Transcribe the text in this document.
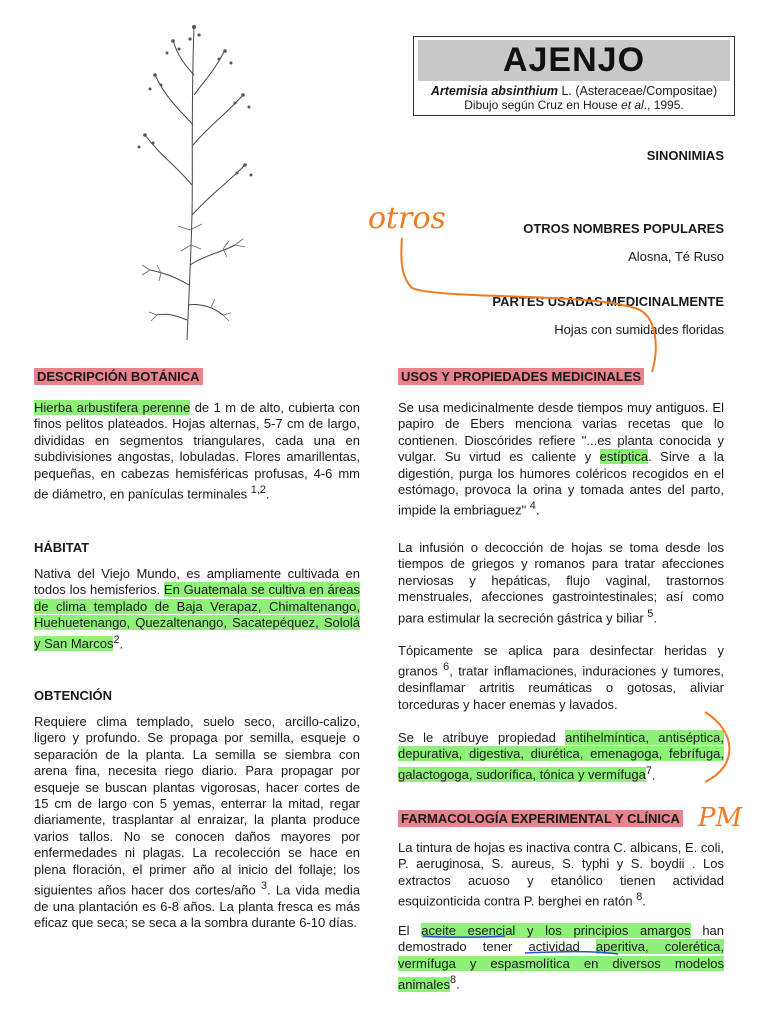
AJENJO
Artemisia absinthium L. (Asteraceae/Compositae)
Dibujo según Cruz en House et al., 1995.
SINONIMIAS
OTROS NOMBRES POPULARES
Alosna, Té Ruso
PARTES USADAS MEDICINALMENTE
Hojas con sumidades floridas
DESCRIPCIÓN BOTÁNICA

Hierba arbustifera perenne de 1 m de alto, cubierta con finos pelitos plateados. Hojas alternas, 5-7 cm de largo, divididas en segmentos triangulares, cada una en subdivisiones angostas, lobuladas. Flores amarillentas, pequeñas, en cabezas hemisféricas profusas, 4-6 mm de diámetro, en panículas terminales $^{1,2}$.

HÁBITAT

Nativa del Viejo Mundo, es ampliamente cultivada en todos los hemisferios. En Guatemala se cultiva en áreas de clima templado de Baja Verapaz, Chimaltenango, Huehuetenango, Quezaltenango, Sacatepéquez, Sololá y San Marcos$^2$.

OBTENCIÓN

Requiere clima templado, suelo seco, arcillo-calizo, ligero y profundo. Se propaga por semilla, esqueje o separación de la planta. La semilla se siembra con arena fina, necesita riego diario. Para propagar por esqueje se buscan plantas vigorosas, hacer cortes de 15 cm de largo con 5 yemas, enterrar la mitad, regar diariamente, trasplantar al enraizar, la planta produce varios tallos. No se conocen daños mayores por enfermedades ni plagas. La recolección se hace en plena floración, el primer año al inicio del follaje; los siguientes años hacer dos cortes/año $^3$. La vida media de una plantación es 6-8 años. La planta fresca es más eficaz que seca; se seca a la sombra durante 6-10 días.

USOS Y PROPIEDADES MEDICINALES

Se usa medicinalmente desde tiempos muy antiguos. El papiro de Ebers menciona varias recetas que lo contienen. Dioscórides refiere "...es planta conocida y vulgar. Su virtud es caliente y estíptica. Sirve a la digestión, purga los humores coléricos recogidos en el estómago, provoca la orina y tomada antes del parto, impide la embriaguez" $^4$.

La infusión o decocción de hojas se toma desde los tiempos de griegos y romanos para tratar afecciones nerviosas y hepáticas, flujo vaginal, trastornos menstruales, afecciones gastrointestinales; así como para estimular la secreción gástrica y biliar $^5$.

Tópicamente se aplica para desinfectar heridas y granos $^6$, tratar inflamaciones, induraciones y tumores, desinflamar artritis reumáticas o gotosas, aliviar torceduras y hacer enemas y lavados.

Se le atribuye propiedad antihelmíntica, antiséptica, depurativa, digestiva, diurética, emenagoga, febrífuga, galactogoga, sudorífica, tónica y vermífuga$^7$.

FARMACOLOGÍA EXPERIMENTAL Y CLÍNICA

La tintura de hojas es inactiva contra C. albicans, E. coli, P. aeruginosa, S. aureus, S. typhi y S. boydii . Los extractos acuoso y etanólico tienen actividad esquizonticida contra P. berghei en ratón $^8$.

El aceite esencial y los principios amargos han demostrado tener actividad aperitiva, colerética, vermífuga y espasmolítica en diversos modelos animales$^8$.

otros
PM
